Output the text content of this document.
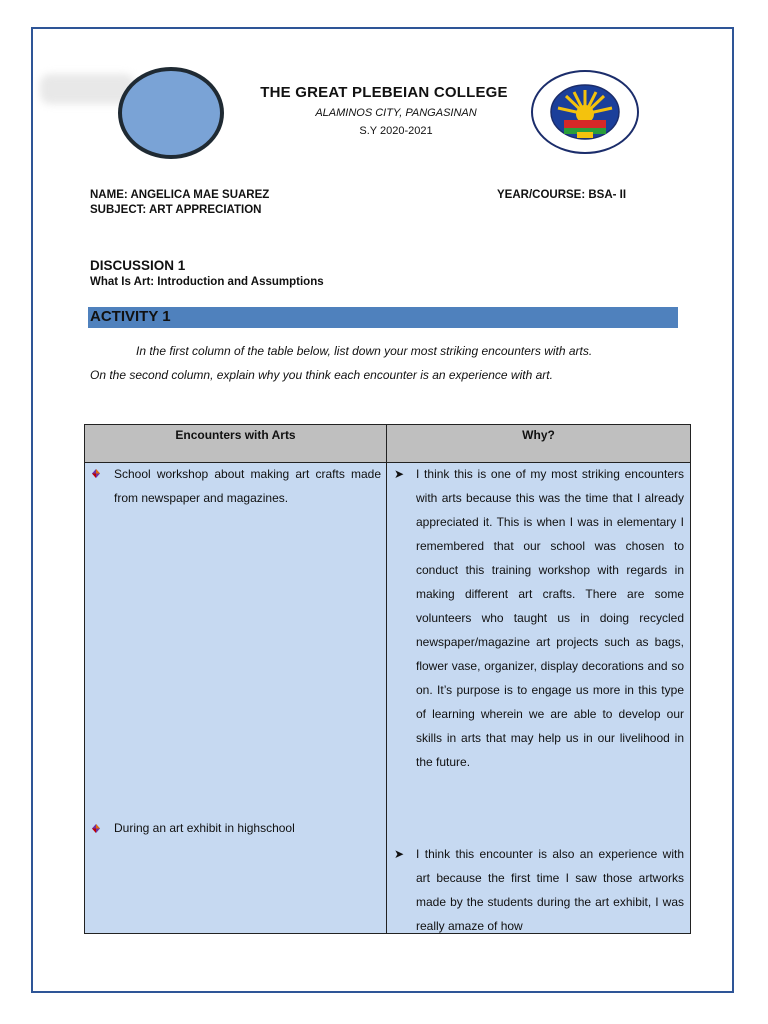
THE GREAT PLEBEIAN COLLEGE
ALAMINOS CITY, PANGASINAN
S.Y 2020-2021
NAME: ANGELICA MAE SUAREZ	YEAR/COURSE: BSA- II
SUBJECT: ART APPRECIATION
DISCUSSION 1
What Is Art: Introduction and Assumptions
ACTIVITY 1
In the first column of the table below, list down your most striking encounters with arts.
On the second column, explain why you think each encounter is an experience with art.
Encounters with Arts	Why?
School workshop about making art crafts made from newspaper and magazines.
During an art exhibit in highschool
➤ I think this is one of my most striking encounters with arts because this was the time that I already appreciated it. This is when I was in elementary I remembered that our school was chosen to conduct this training workshop with regards in making different art crafts. There are some volunteers who taught us in doing recycled newspaper/magazine art projects such as bags, flower vase, organizer, display decorations and so on. It’s purpose is to engage us more in this type of learning wherein we are able to develop our skills in arts that may help us in our livelihood in the future.
➤ I think this encounter is also an experience with art because the first time I saw those artworks made by the students during the art exhibit, I was really amaze of how
